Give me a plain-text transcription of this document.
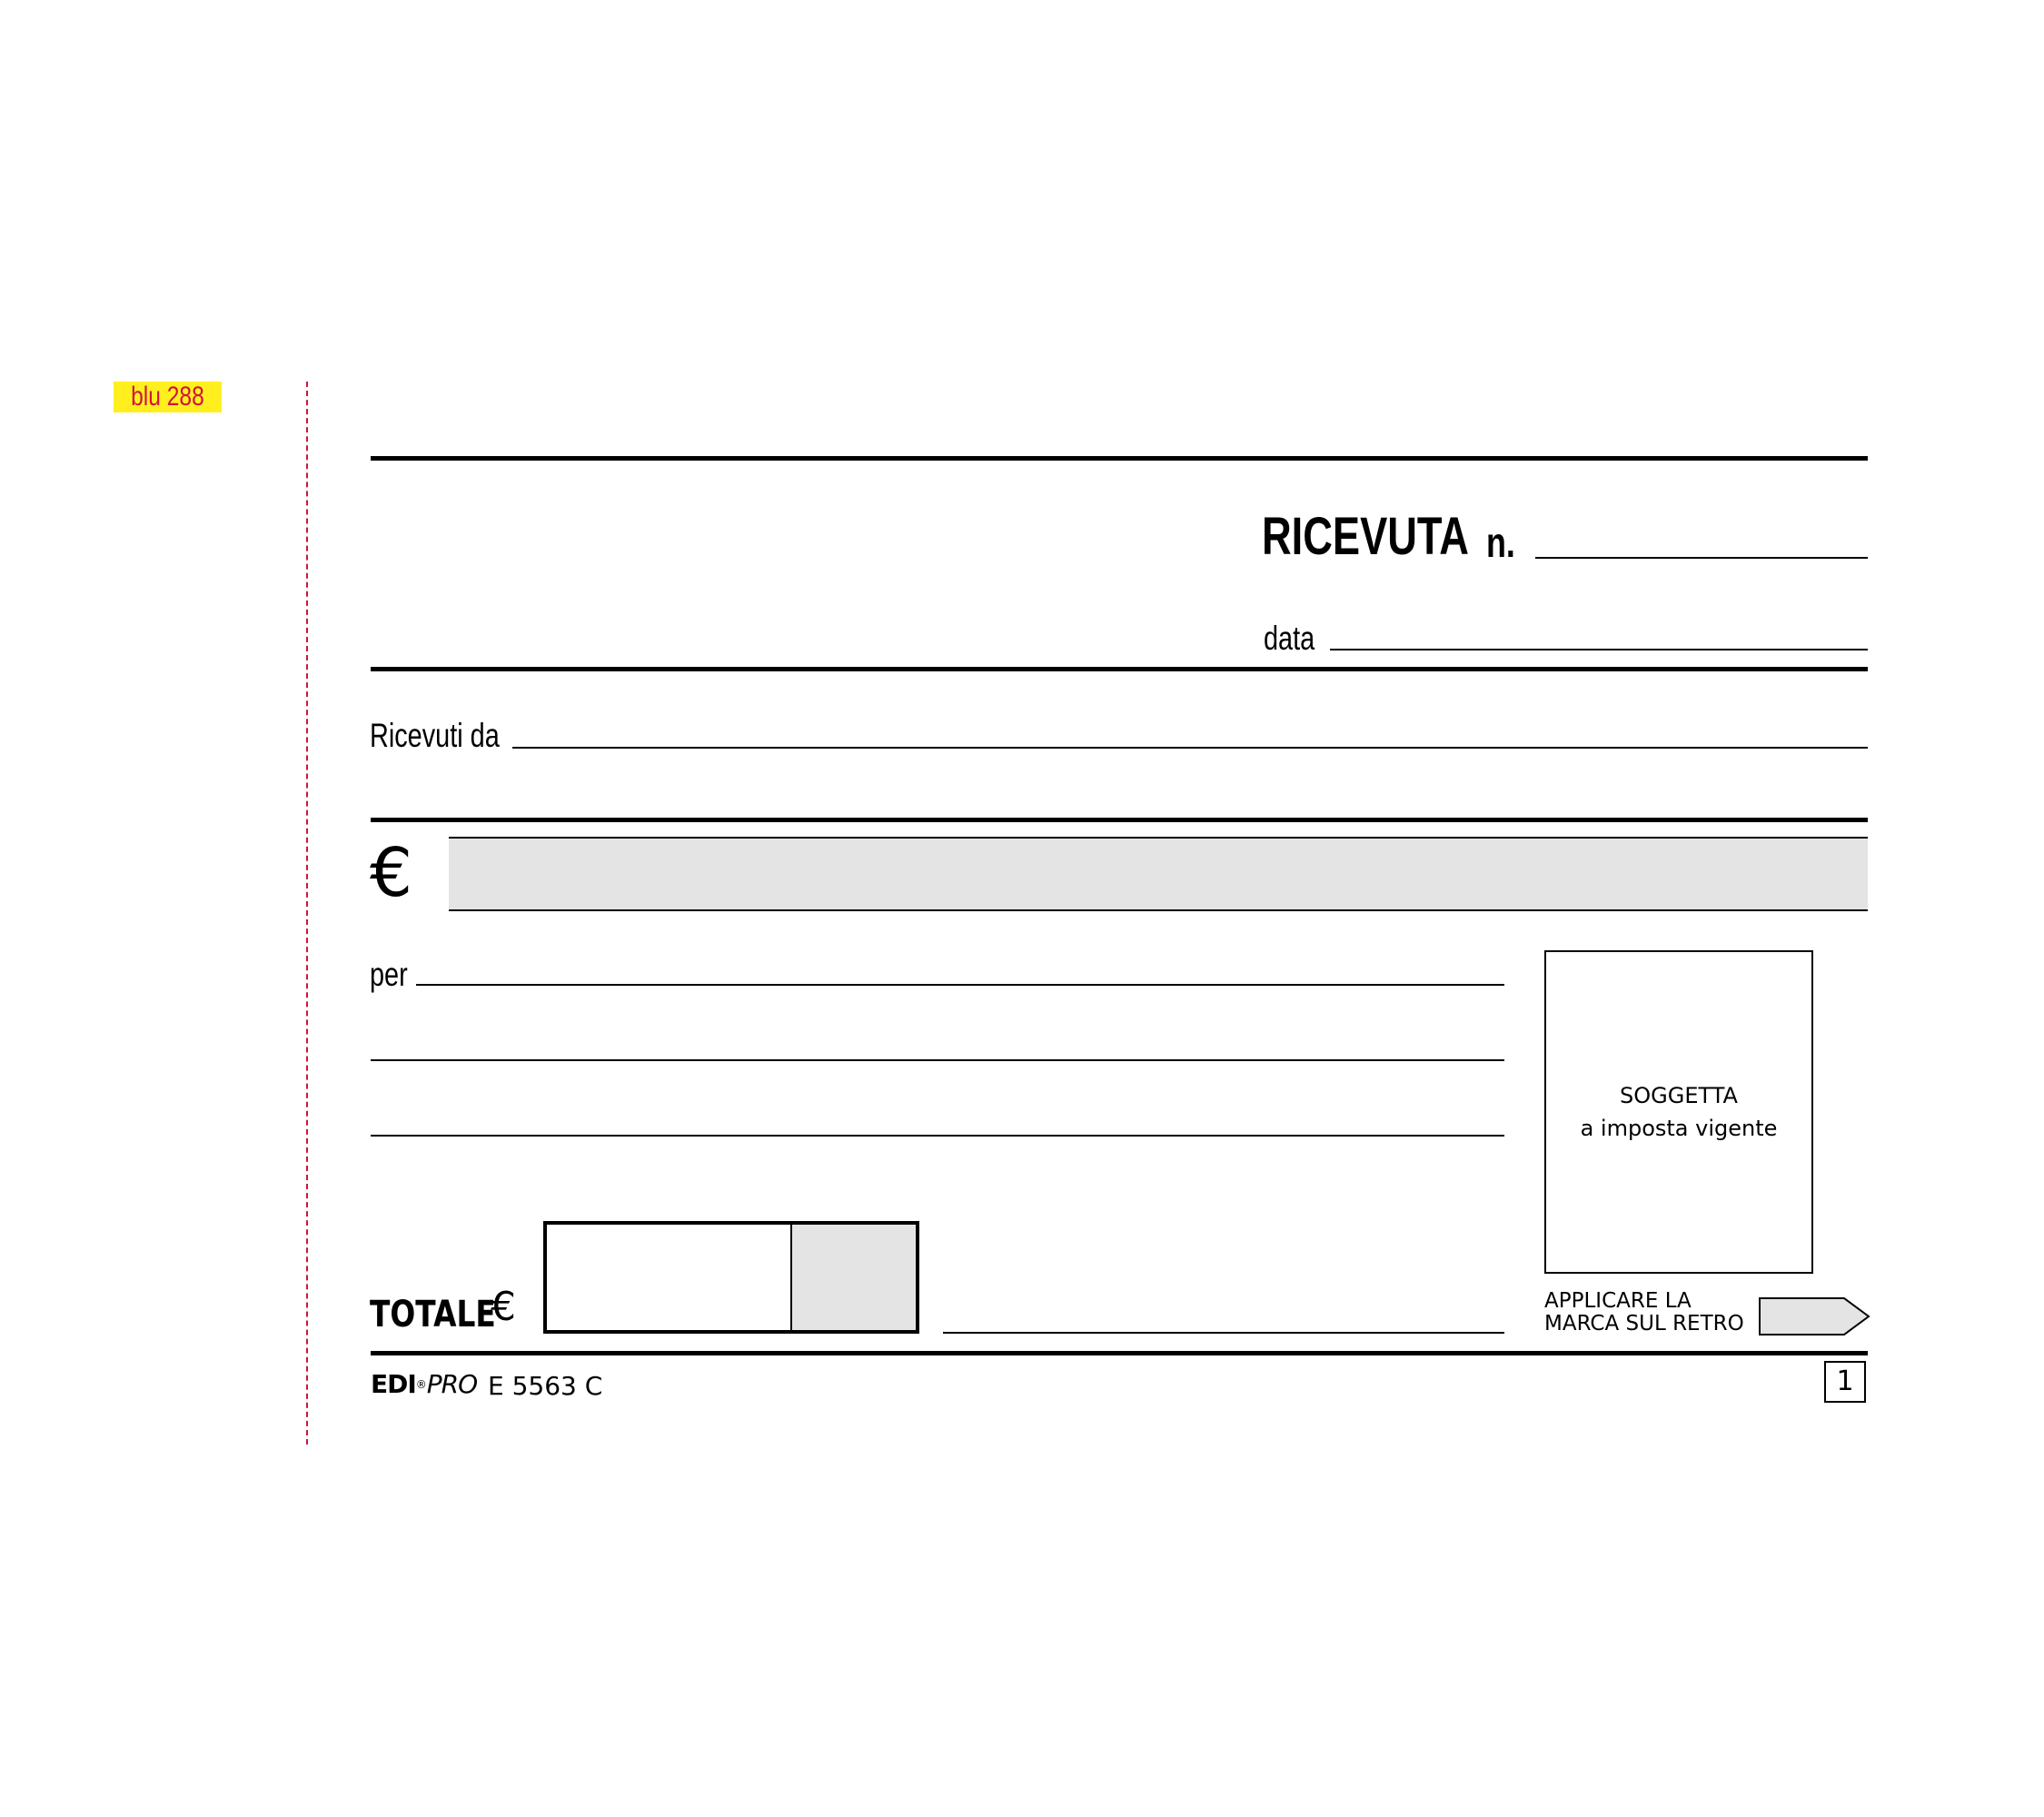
blu 288
RICEVUTA n.
data
Ricevuti da
€
per
SOGGETTA
a imposta vigente
TOTALE
€	APPLICARE LA
MARCA SUL RETRO
EDI®PRO E 5563 C	1
